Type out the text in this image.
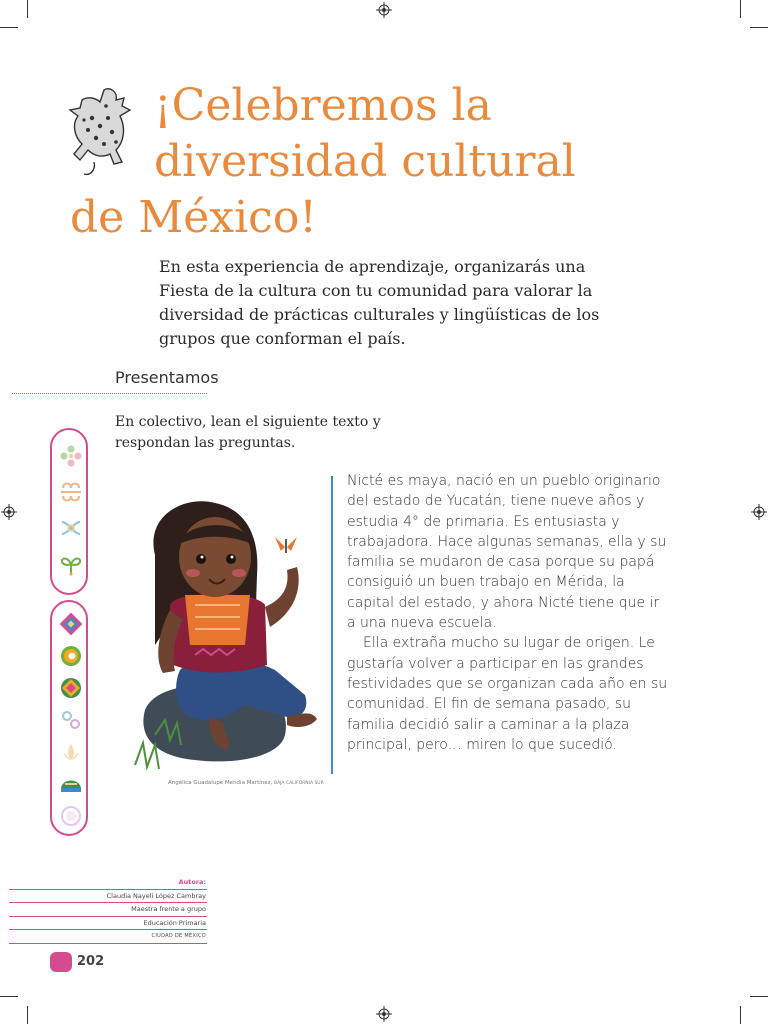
¡Celebremos la
diversidad cultural
de México!
En esta experiencia de aprendizaje, organizarás una Fiesta de la cultura con tu comunidad para valorar la diversidad de prácticas culturales y lingüísticas de los grupos que conforman el país.
Presentamos
En colectivo, lean el siguiente texto y respondan las preguntas.
Angélica Guadalupe Mendía Martínez, BAJA CALIFORNIA SUR

Nicté es maya, nació en un pueblo originario del estado de Yucatán, tiene nueve años y estudia 4° de primaria. Es entusiasta y trabajadora. Hace algunas semanas, ella y su familia se mudaron de casa porque su papá consiguió un buen trabajo en Mérida, la capital del estado, y ahora Nicté tiene que ir a una nueva escuela.

Ella extraña mucho su lugar de origen. Le gustaría volver a participar en las grandes festividades que se organizan cada año en su comunidad. El fin de semana pasado, su familia decidió salir a caminar a la plaza principal, pero… miren lo que sucedió.

Autora:
Claudia Nayeli López Cambray
Maestra frente a grupo
Educación Primaria
CIUDAD DE MÉXICO
202
